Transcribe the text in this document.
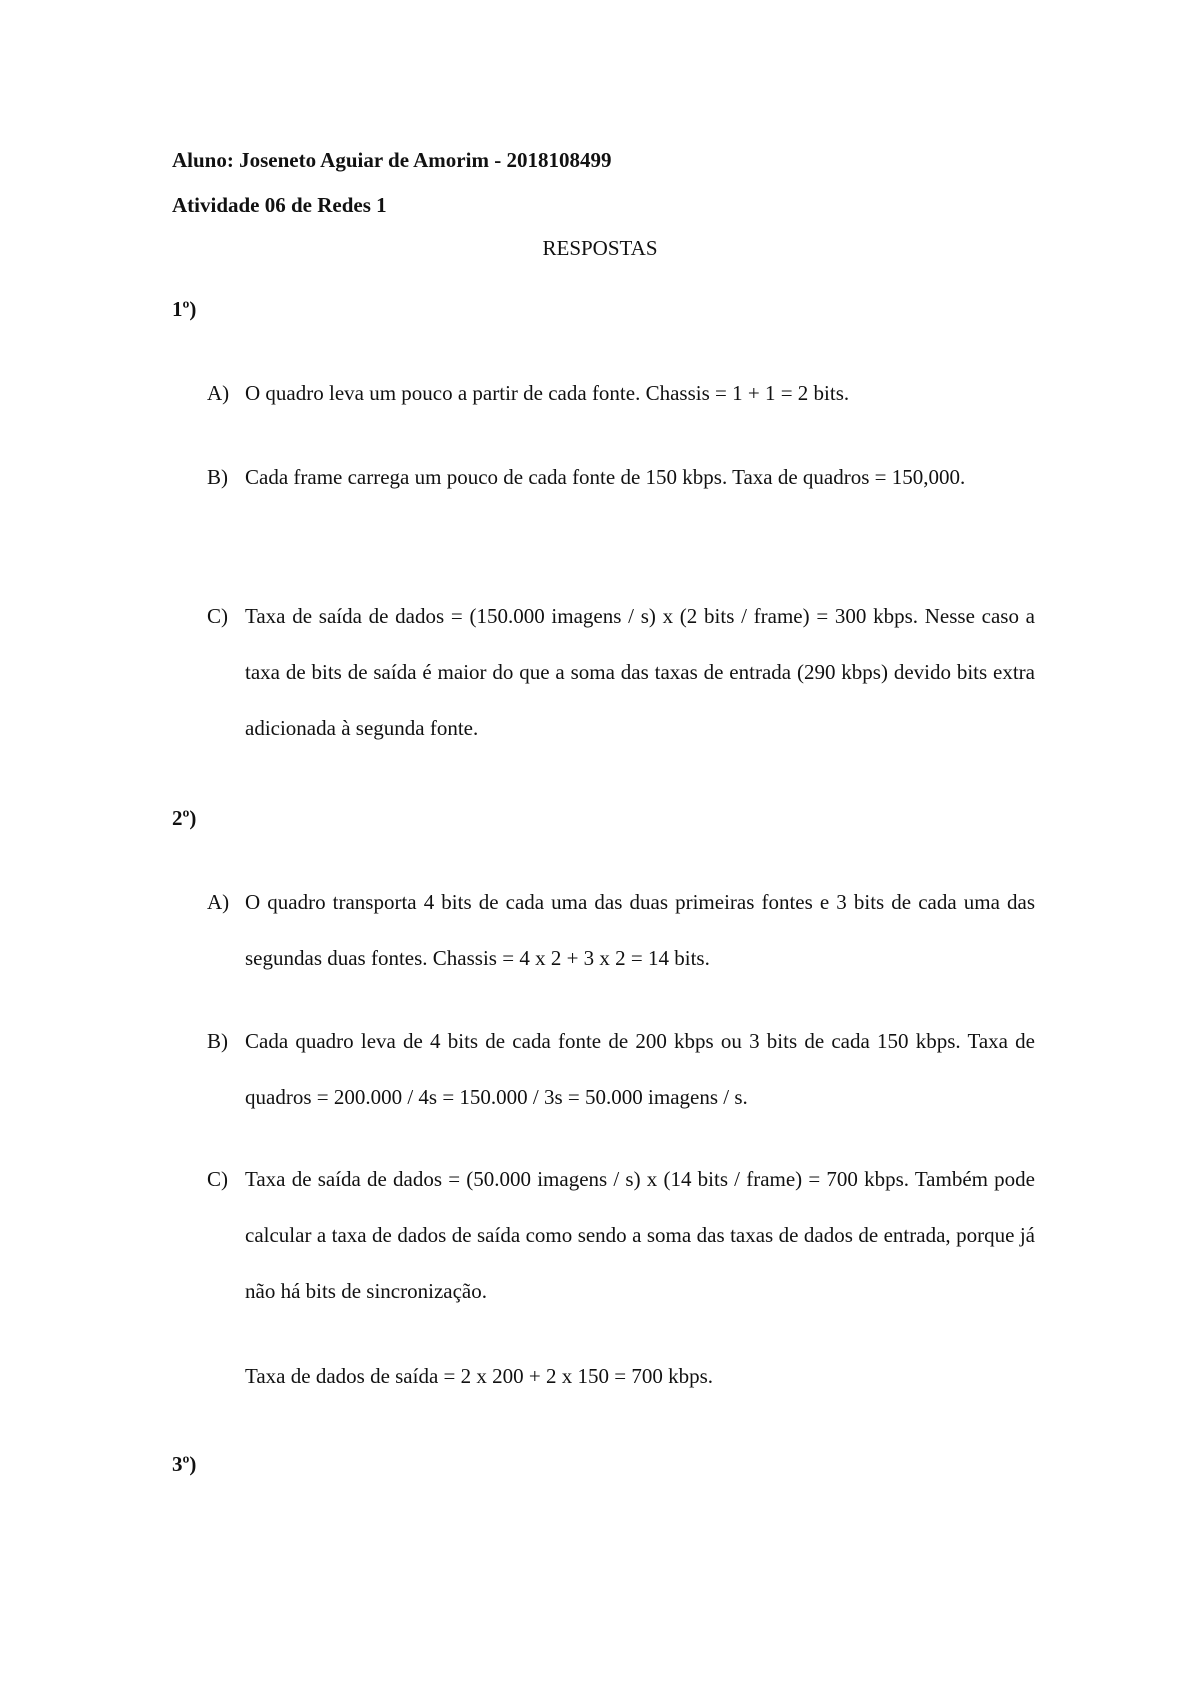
Aluno: Joseneto Aguiar de Amorim - 2018108499
Atividade 06 de Redes 1
RESPOSTAS
1º)
A) O quadro leva um pouco a partir de cada fonte. Chassis = 1 + 1 = 2 bits.
B) Cada frame carrega um pouco de cada fonte de 150 kbps. Taxa de quadros = 150,000.
C) Taxa de saída de dados = (150.000 imagens / s) x (2 bits / frame) = 300 kbps. Nesse caso a taxa de bits de saída é maior do que a soma das taxas de entrada (290 kbps) devido bits extra adicionada à segunda fonte.
2º)
A) O quadro transporta 4 bits de cada uma das duas primeiras fontes e 3 bits de cada uma das segundas duas fontes. Chassis = 4 x 2 + 3 x 2 = 14 bits.
B) Cada quadro leva de 4 bits de cada fonte de 200 kbps ou 3 bits de cada 150 kbps. Taxa de quadros = 200.000 / 4s = 150.000 / 3s = 50.000 imagens / s.
C) Taxa de saída de dados = (50.000 imagens / s) x (14 bits / frame) = 700 kbps. Também pode calcular a taxa de dados de saída como sendo a soma das taxas de dados de entrada, porque já não há bits de sincronização.
Taxa de dados de saída = 2 x 200 + 2 x 150 = 700 kbps.
3º)
